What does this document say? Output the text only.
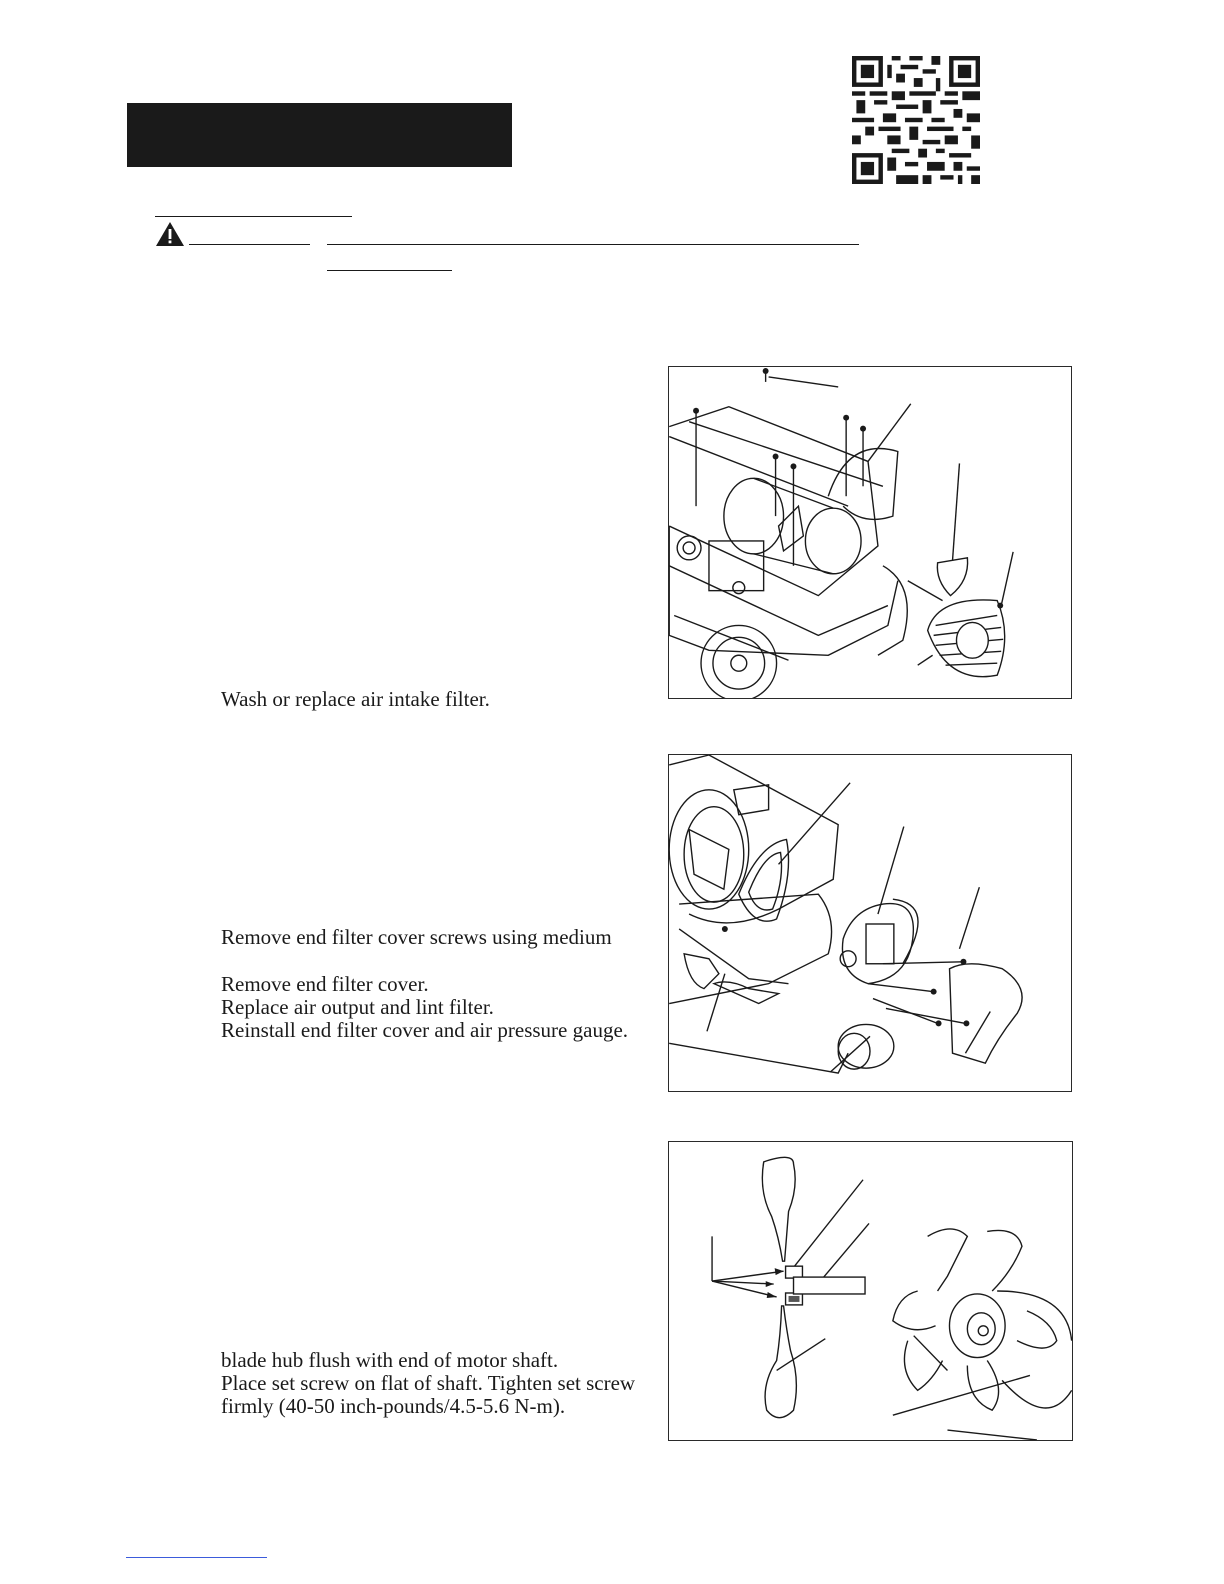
Wash or replace air intake filter.

Remove end filter cover screws using medium

Remove end filter cover.

Replace air output and lint filter.

Reinstall end filter cover and air pressure gauge.

blade hub flush with end of motor shaft.

Place set screw on flat of shaft. Tighten set screw

firmly (40-50 inch-pounds/4.5-5.6 N-m).
